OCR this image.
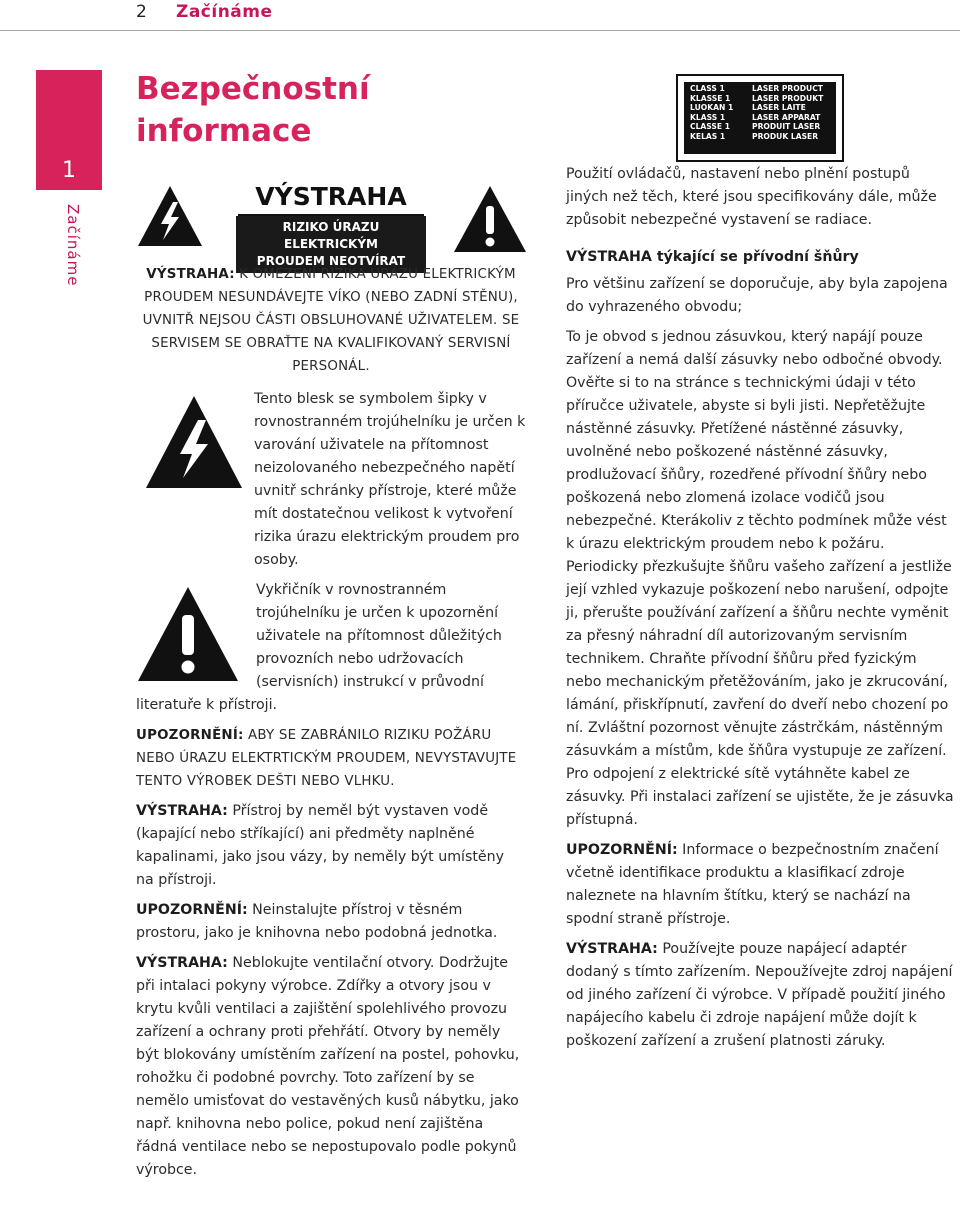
2 Začínáme
1
Začínáme
Bezpečnostní informace
VÝSTRAHA
RIZIKO ÚRAZU ELEKTRICKÝM
PROUDEM NEOTVÍRAT

VÝSTRAHA: K OMEZENÍ RIZIKA ÚRAZU ELEKTRICKÝM PROUDEM NESUNDÁVEJTE VÍKO (NEBO ZADNÍ STĚNU), UVNITŘ NEJSOU ČÁSTI OBSLUHOVANÉ UŽIVATELEM. SE SERVISEM SE OBRAŤTE NA KVALIFIKOVANÝ SERVISNÍ PERSONÁL.

Tento blesk se symbolem šipky v rovnostranném trojúhelníku je určen k varování uživatele na přítomnost neizolovaného nebezpečného napětí uvnitř schránky přístroje, které může mít dostatečnou velikost k vytvoření rizika úrazu elektrickým proudem pro osoby.

Vykřičník v rovnostranném trojúhelníku je určen k upozornění uživatele na přítomnost důležitých provozních nebo udržovacích (servisních) instrukcí v průvodní literatuře k přístroji.

UPOZORNĚNÍ: ABY SE ZABRÁNILO RIZIKU POŽÁRU NEBO ÚRAZU ELEKTRTICKÝM PROUDEM, NEVYSTAVUJTE TENTO VÝROBEK DEŠTI NEBO VLHKU.

VÝSTRAHA: Přístroj by neměl být vystaven vodě (kapající nebo stříkající) ani předměty naplněné kapalinami, jako jsou vázy, by neměly být umístěny na přístroji.

UPOZORNĚNÍ: Neinstalujte přístroj v těsném prostoru, jako je knihovna nebo podobná jednotka.

VÝSTRAHA: Neblokujte ventilační otvory. Dodržujte při intalaci pokyny výrobce. Zdířky a otvory jsou v krytu kvůli ventilaci a zajištění spolehlivého provozu zařízení a ochrany proti přehřátí. Otvory by neměly být blokovány umístěním zařízení na postel, pohovku, rohožku či podobné povrchy. Toto zařízení by se nemělo umisťovat do vestavěných kusů nábytku, jako např. knihovna nebo police, pokud není zajištěna řádná ventilace nebo se nepostupovalo podle pokynů výrobce.

CLASS 1	LASER PRODUCT
KLASSE 1	LASER PRODUKT
LUOKAN 1	LASER LAITE
KLASS 1	LASER APPARAT
CLASSE 1	PRODUIT LASER
KELAS 1	PRODUK LASER

Použití ovládačů, nastavení nebo plnění postupů jiných než těch, které jsou specifikovány dále, může způsobit nebezpečné vystavení se radiace.

VÝSTRAHA týkající se přívodní šňůry

Pro většinu zařízení se doporučuje, aby byla zapojena do vyhrazeného obvodu;

To je obvod s jednou zásuvkou, který napájí pouze zařízení a nemá další zásuvky nebo odbočné obvody. Ověřte si to na stránce s technickými údaji v této příručce uživatele, abyste si byli jisti. Nepřetěžujte nástěnné zásuvky. Přetížené nástěnné zásuvky, uvolněné nebo poškozené nástěnné zásuvky, prodlužovací šňůry, rozedřené přívodní šňůry nebo poškozená nebo zlomená izolace vodičů jsou nebezpečné. Kterákoliv z těchto podmínek může vést k úrazu elektrickým proudem nebo k požáru. Periodicky přezkušujte šňůru vašeho zařízení a jestliže její vzhled vykazuje poškození nebo narušení, odpojte ji, přerušte používání zařízení a šňůru nechte vyměnit za přesný náhradní díl autorizovaným servisním technikem. Chraňte přívodní šňůru před fyzickým nebo mechanickým přetěžováním, jako je zkrucování, lámání, přiskřípnutí, zavření do dveří nebo chození po ní. Zvláštní pozornost věnujte zástrčkám, nástěnným zásuvkám a místům, kde šňůra vystupuje ze zařízení. Pro odpojení z elektrické sítě vytáhněte kabel ze zásuvky. Při instalaci zařízení se ujistěte, že je zásuvka přístupná.

UPOZORNĚNÍ: Informace o bezpečnostním značení včetně identifikace produktu a klasifikací zdroje naleznete na hlavním štítku, který se nachází na spodní straně přístroje.

VÝSTRAHA: Používejte pouze napájecí adaptér dodaný s tímto zařízením. Nepoužívejte zdroj napájení od jiného zařízení či výrobce. V případě použití jiného napájecího kabelu či zdroje napájení může dojít k poškození zařízení a zrušení platnosti záruky.
